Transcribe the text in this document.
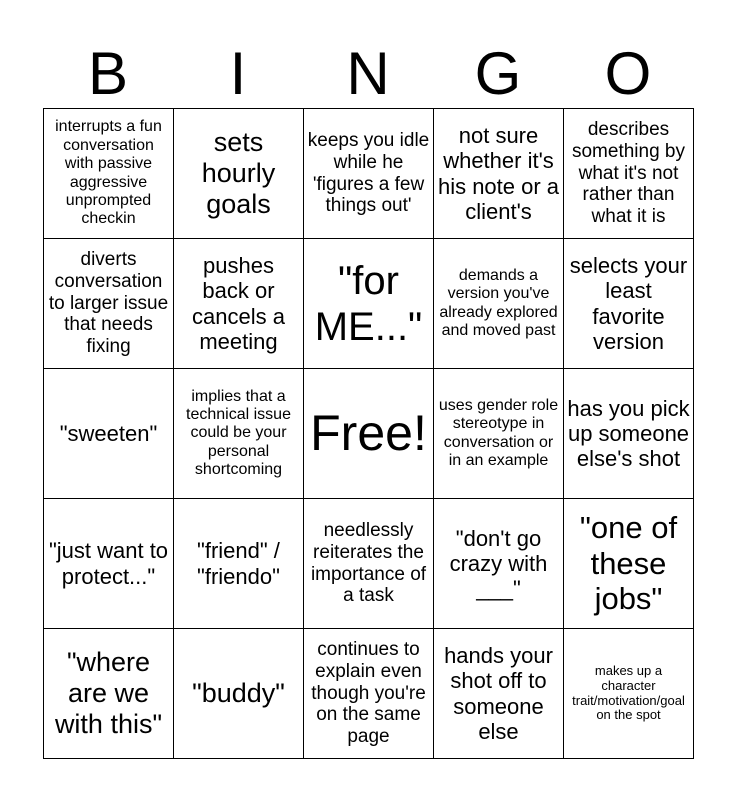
B	I	N	G	O
interrupts a fun conversation with passive aggressive unprompted checkin	sets hourly goals	keeps you idle while he 'figures a few things out'	not sure whether it's his note or a client's	describes something by what it's not rather than what it is
diverts conversation to larger issue that needs fixing	pushes back or cancels a meeting	"for ME..."	demands a version you've already explored and moved past	selects your least favorite version
"sweeten"	implies that a technical issue could be your personal shortcoming	Free!	uses gender role stereotype in conversation or in an example	has you pick up someone else's shot
"just want to protect..."	"friend" / "friendo"	needlessly reiterates the importance of a task	"don't go crazy with ___"	"one of these jobs"
"where are we with this"	"buddy"	continues to explain even though you're on the same page	hands your shot off to someone else	makes up a character trait/motivation/goal on the spot
